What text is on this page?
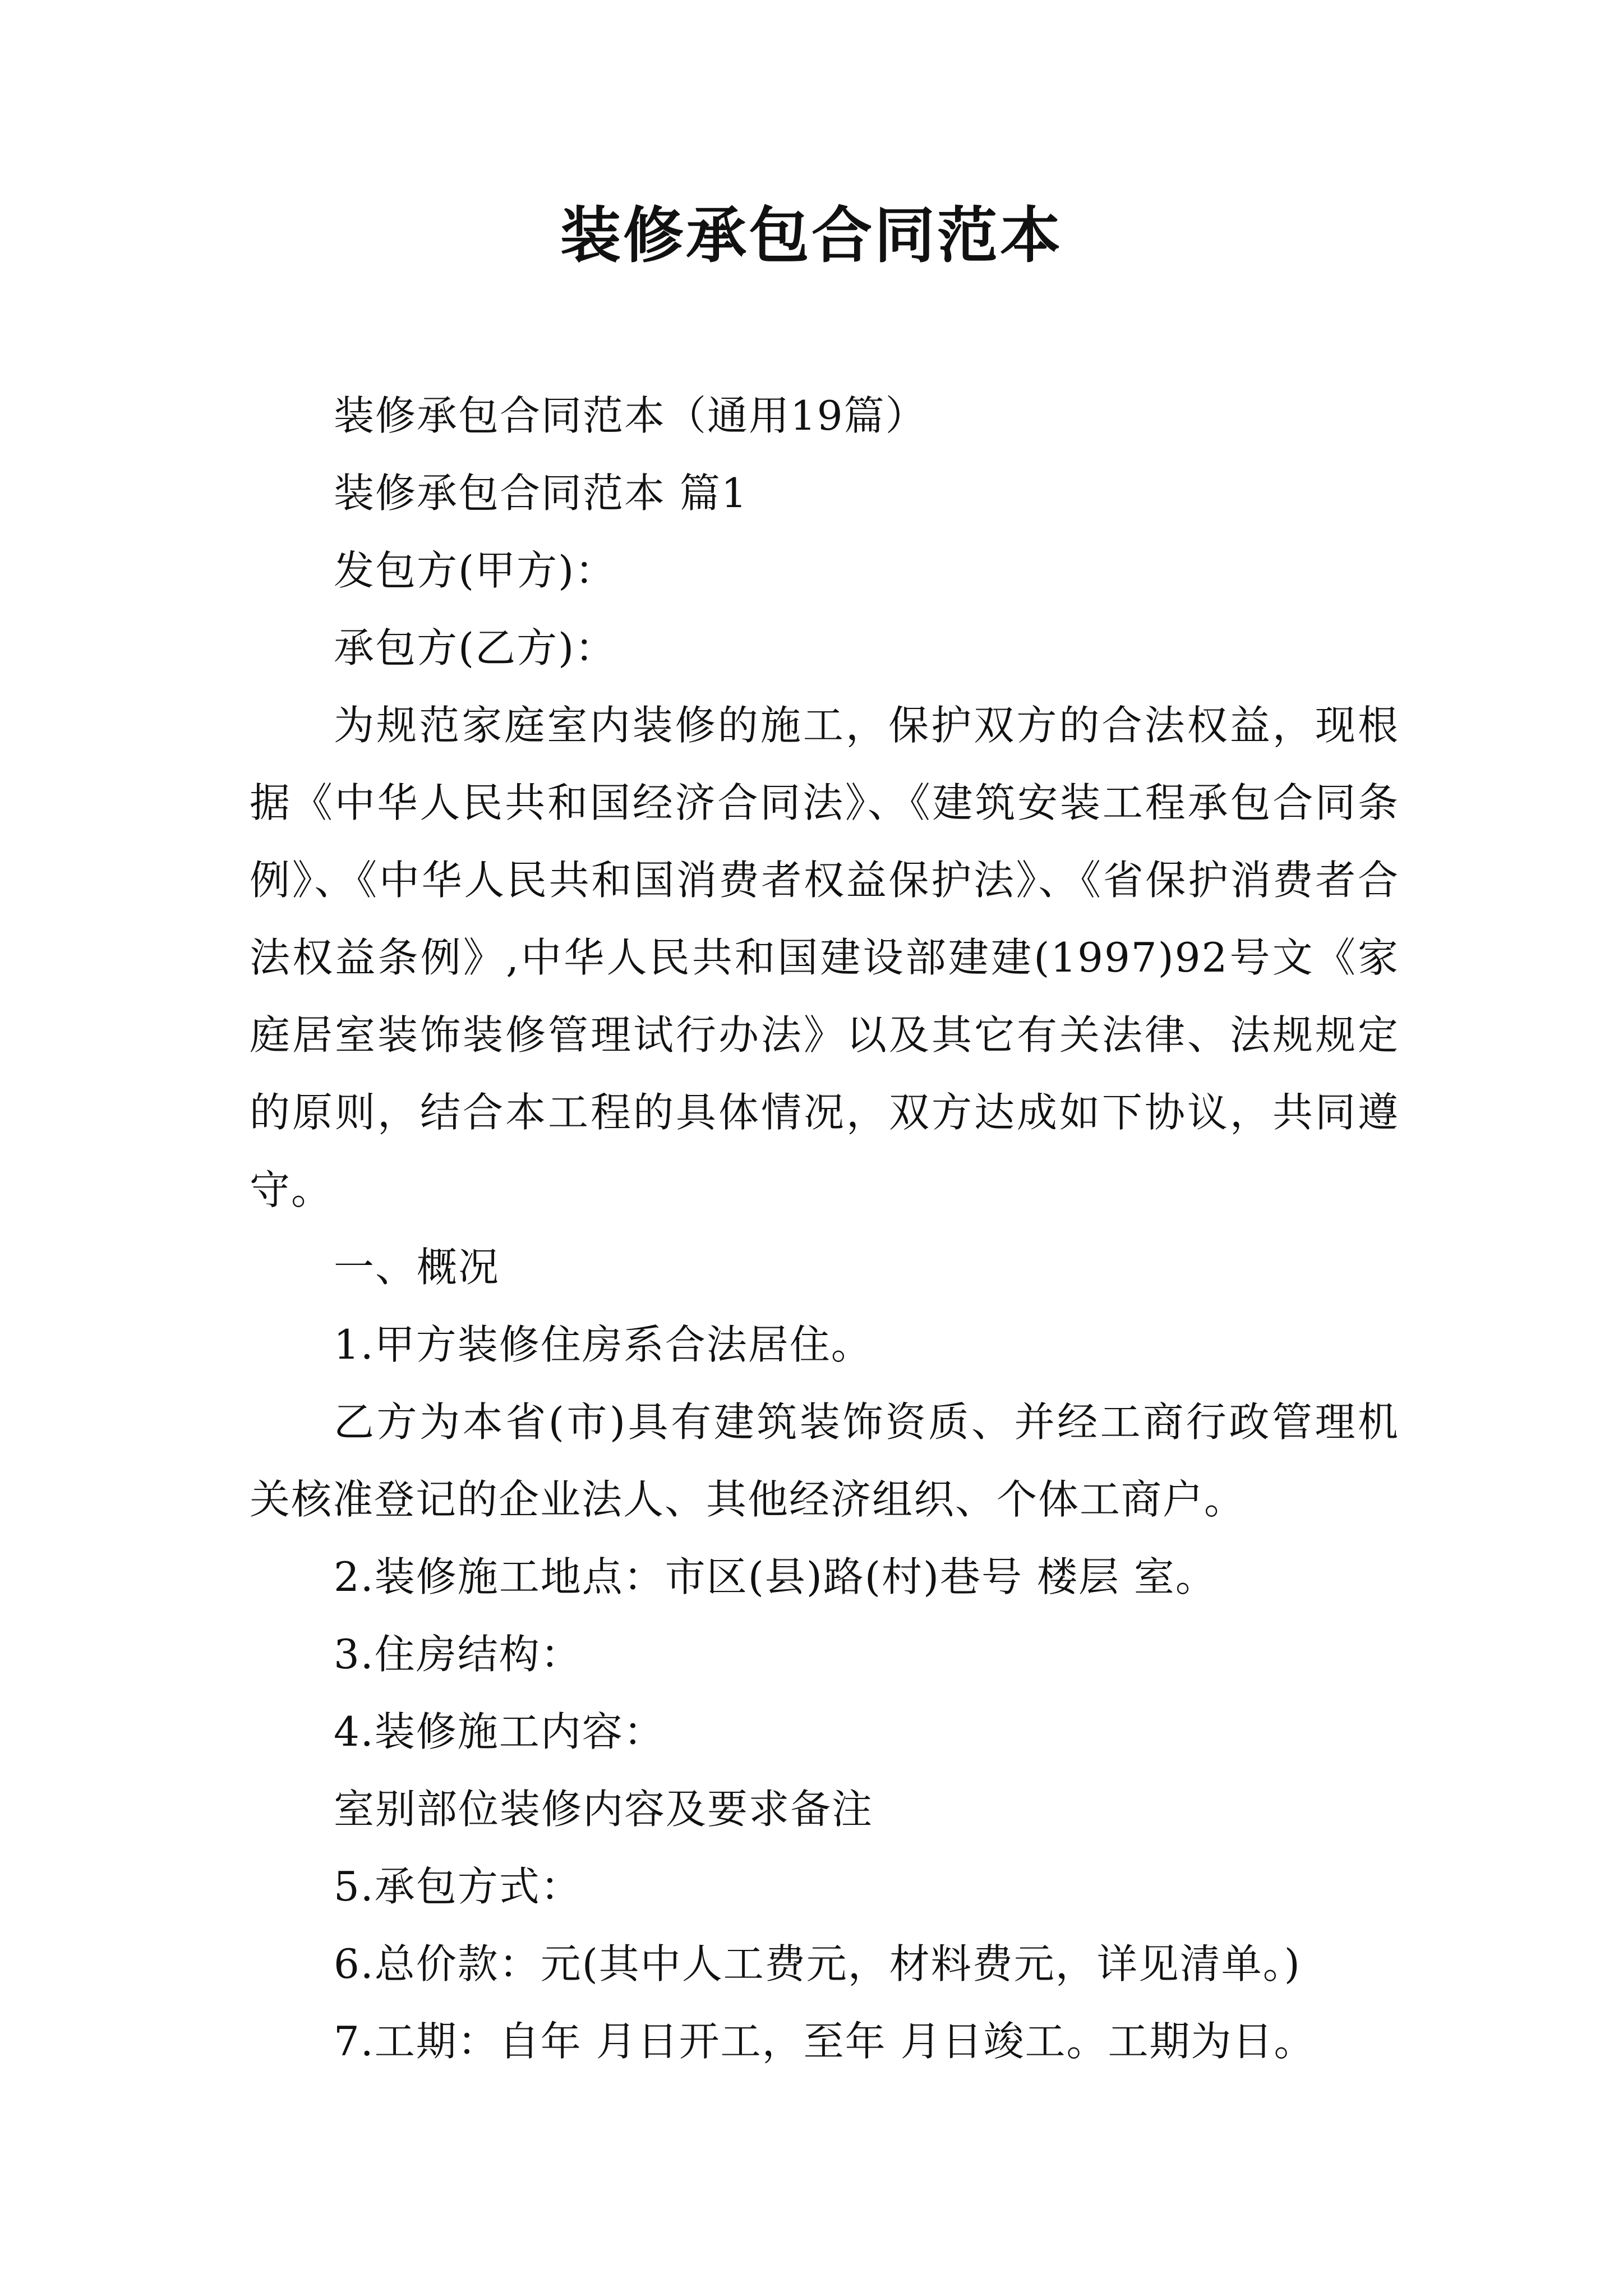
装修承包合同范本

装修承包合同范本（通用19篇）

装修承包合同范本 篇1

发包方(甲方)：

承包方(乙方)：

为规范家庭室内装修的施工，保护双方的合法权益，现根据《中华人民共和国经济合同法》、《建筑安装工程承包合同条例》、《中华人民共和国消费者权益保护法》、《省保护消费者合法权益条例》,中华人民共和国建设部建建(1997)92号文《家庭居室装饰装修管理试行办法》以及其它有关法律、法规规定的原则，结合本工程的具体情况，双方达成如下协议，共同遵守。

一、概况

1.甲方装修住房系合法居住。

乙方为本省(市)具有建筑装饰资质、并经工商行政管理机关核准登记的企业法人、其他经济组织、个体工商户。

2.装修施工地点：市区(县)路(村)巷号 楼层 室。

3.住房结构：

4.装修施工内容：

室别部位装修内容及要求备注

5.承包方式：

6.总价款：元(其中人工费元，材料费元，详见清单。)

7.工期：自年 月日开工，至年 月日竣工。工期为日。
